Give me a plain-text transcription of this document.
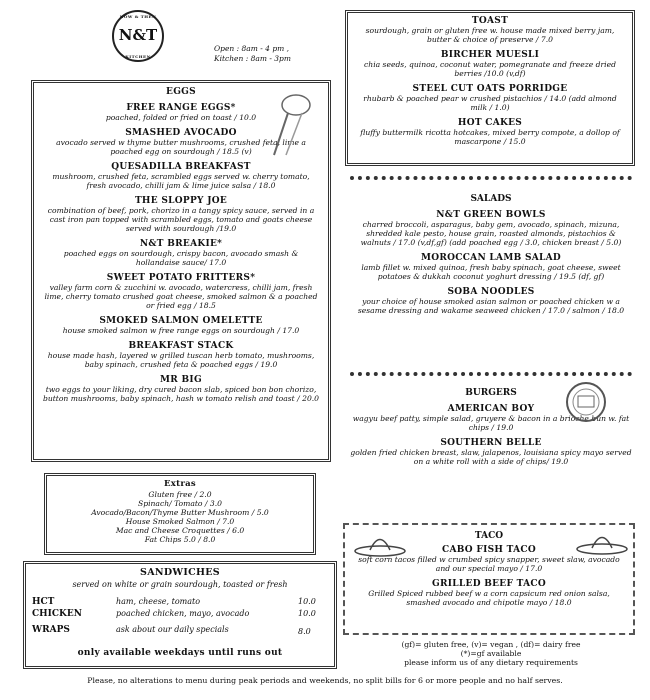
NOW & THEN
N&T
KITCHEN
Open : 8am - 4 pm ,
Kitchen : 8am - 3pm
EGGS
FREE RANGE EGGS*
poached, folded or fried on toast / 10.0
SMASHED AVOCADO
avocado served w thyme butter mushrooms, crushed feta, lime a poached egg on sourdough / 18.5 (v)
QUESADILLA BREAKFAST
mushroom, crushed feta, scrambled eggs served w. cherry tomato, fresh avocado, chilli jam & lime juice salsa / 18.0
THE SLOPPY JOE
combination of beef, pork, chorizo in a tangy spicy sauce, served in a cast iron pan topped with scrambled eggs, tomato and goats cheese served with sourdough /19.0
N&T BREAKIE*
poached eggs on sourdough, crispy bacon, avocado smash & hollandaise sauce/ 17.0
SWEET POTATO FRITTERS*
valley farm corn & zucchini w. avocado, watercress, chilli jam, fresh lime, cherry tomato crushed goat cheese, smoked salmon & a poached or fried egg / 18.5
SMOKED SALMON OMELETTE
house smoked salmon w free range eggs on sourdough / 17.0
BREAKFAST STACK
house made hash, layered w grilled tuscan herb tomato, mushrooms, baby spinach, crushed feta & poached eggs / 19.0
MR BIG
two eggs to your liking, dry cured bacon slab, spiced bon bon chorizo, button mushrooms, baby spinach, hash w tomato relish and toast / 20.0
Extras
Gluten free / 2.0
Spinach/ Tomato / 3.0
Avocado/Bacon/Thyme Butter Mushroom / 5.0
House Smoked Salmon / 7.0
Mac and Cheese Croquettes / 6.0
Fat Chips 5.0 / 8.0
SANDWICHES
served on white or grain sourdough, toasted or fresh
HCT	ham, cheese, tomato	10.0
CHICKEN	poached chicken, mayo, avocado	10.0
WRAPS	ask about our daily specials	8.0
only available weekdays until runs out
TOAST
sourdough, grain or gluten free w. house made mixed berry jam, butter & choice of preserve / 7.0
BIRCHER MUESLI
chia seeds, quinoa, coconut water, pomegranate and freeze dried berries /10.0 (v,df)
STEEL CUT OATS PORRIDGE
rhubarb & poached pear w crushed pistachios / 14.0 (add almond milk / 1.0)
HOT CAKES
fluffy buttermilk ricotta hotcakes, mixed berry compote, a dollop of mascarpone / 15.0
SALADS
N&T GREEN BOWLS
charred broccoli, asparagus, baby gem, avocado, spinach, mizuna, shredded kale pesto, house grain, roasted almonds, pistachios & walnuts / 17.0 (v,df,gf) (add poached egg / 3.0, chicken breast / 5.0)
MOROCCAN LAMB SALAD
lamb fillet w. mixed quinoa, fresh baby spinach, goat cheese, sweet potatoes & dukkah coconut yoghurt dressing / 19.5 (df, gf)
SOBA NOODLES
your choice of house smoked asian salmon or poached chicken w a sesame dressing and wakame seaweed chicken / 17.0 / salmon / 18.0
BURGERS
AMERICAN BOY
wagyu beef patty, simple salad, gruyere & bacon in a brioche bun w. fat chips / 19.0
SOUTHERN BELLE
golden fried chicken breast, slaw, jalapenos, louisiana spicy mayo served on a white roll with a side of chips/ 19.0
TACO
CABO FISH TACO
soft corn tacos filled w crumbed spicy snapper, sweet slaw, avocado and our special mayo / 17.0
GRILLED BEEF TACO
Grilled Spiced rubbed beef w a corn capsicum red onion salsa, smashed avocado and chipotle mayo / 18.0
(gf)= gluten free, (v)= vegan , (df)= dairy free
(*)=gf available
please inform us of any dietary requirements
Please, no alterations to menu during peak periods and weekends, no split bills for 6 or more people and no half serves.
